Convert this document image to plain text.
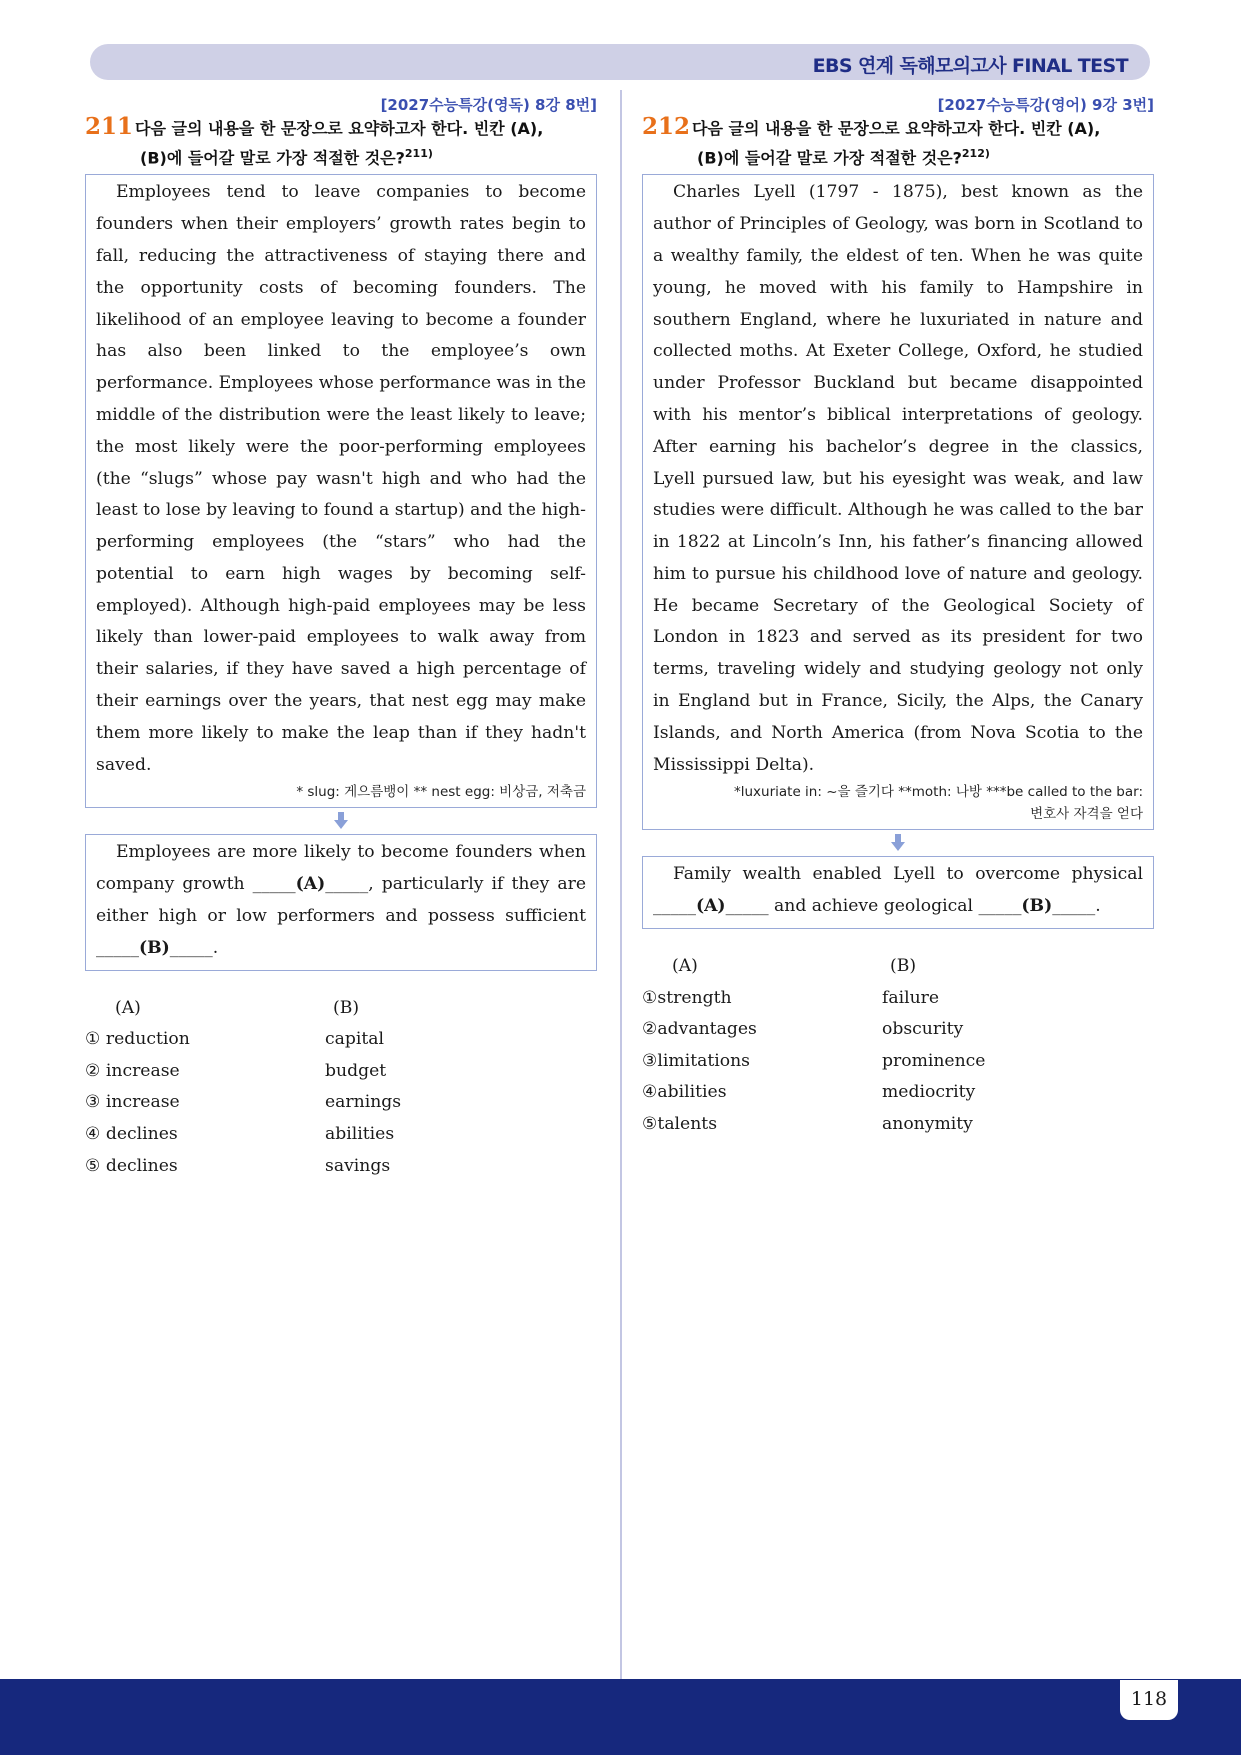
EBS 연계 독해모의고사 FINAL TEST
[2027수능특강(영독) 8강 8번]
211 다음 글의 내용을 한 문장으로 요약하고자 한다. 빈칸 (A),
(B)에 들어갈 말로 가장 적절한 것은?$^{211)}$

Employees tend to leave companies to become founders when their employers’ growth rates begin to fall, reducing the attractiveness of staying there and the opportunity costs of becoming founders. The likelihood of an employee leaving to become a founder has also been linked to the employee’s own performance. Employees whose performance was in the middle of the distribution were the least likely to leave; the most likely were the poor-performing employees (the “slugs” whose pay wasn't high and who had the least to lose by leaving to found a startup) and the high-performing employees (the “stars” who had the potential to earn high wages by becoming self-employed). Although high-paid employees may be less likely than lower-paid employees to walk away from their salaries, if they have saved a high percentage of their earnings over the years, that nest egg may make them more likely to make the leap than if they hadn't saved.

* slug: 게으름뱅이 ** nest egg: 비상금, 저축금

Employees are more likely to become founders when company growth _____(A)_____, particularly if they are either high or low performers and possess sufficient _____(B)_____.

(A)	(B)
① reduction	capital
② increase	budget
③ increase	earnings
④ declines	abilities
⑤ declines	savings
[2027수능특강(영어) 9강 3번]
212 다음 글의 내용을 한 문장으로 요약하고자 한다. 빈칸 (A),
(B)에 들어갈 말로 가장 적절한 것은?$^{212)}$

Charles Lyell (1797 - 1875), best known as the author of Principles of Geology, was born in Scotland to a wealthy family, the eldest of ten. When he was quite young, he moved with his family to Hampshire in southern England, where he luxuriated in nature and collected moths. At Exeter College, Oxford, he studied under Professor Buckland but became disappointed with his mentor’s biblical interpretations of geology. After earning his bachelor’s degree in the classics, Lyell pursued law, but his eyesight was weak, and law studies were difficult. Although he was called to the bar in 1822 at Lincoln’s Inn, his father’s financing allowed him to pursue his childhood love of nature and geology. He became Secretary of the Geological Society of London in 1823 and served as its president for two terms, traveling widely and studying geology not only in England but in France, Sicily, the Alps, the Canary Islands, and North America (from Nova Scotia to the Mississippi Delta).

*luxuriate in: ~을 즐기다 **moth: 나방 ***be called to the bar:
변호사 자격을 얻다

Family wealth enabled Lyell to overcome physical _____(A)_____ and achieve geological _____(B)_____.

(A)	(B)
①strength	failure
②advantages	obscurity
③limitations	prominence
④abilities	mediocrity
⑤talents	anonymity
118
